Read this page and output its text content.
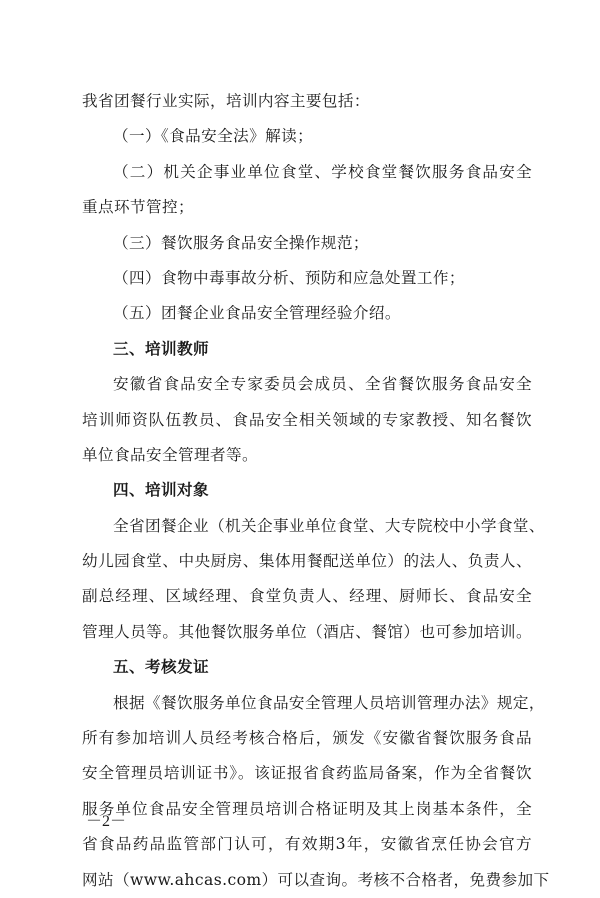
我省团餐行业实际，培训内容主要包括：
（一）《食品安全法》解读；
（二）机关企事业单位食堂、学校食堂餐饮服务食品安全
重点环节管控；
（三）餐饮服务食品安全操作规范；
（四）食物中毒事故分析、预防和应急处置工作；
（五）团餐企业食品安全管理经验介绍。
三、培训教师
安徽省食品安全专家委员会成员、全省餐饮服务食品安全
培训师资队伍教员、食品安全相关领域的专家教授、知名餐饮
单位食品安全管理者等。
四、培训对象
全省团餐企业（机关企事业单位食堂、大专院校中小学食堂、
幼儿园食堂、中央厨房、集体用餐配送单位）的法人、负责人、
副总经理、区域经理、食堂负责人、经理、厨师长、食品安全
管理人员等。其他餐饮服务单位（酒店、餐馆）也可参加培训。
五、考核发证
根据《餐饮服务单位食品安全管理人员培训管理办法》规定，
所有参加培训人员经考核合格后，颁发《安徽省餐饮服务食品
安全管理员培训证书》。该证报省食药监局备案，作为全省餐饮
服务单位食品安全管理员培训合格证明及其上岗基本条件，全
省食品药品监管部门认可，有效期3年，安徽省烹任协会官方
网站（www.ahcas.com）可以查询。考核不合格者，免费参加下
－2－
